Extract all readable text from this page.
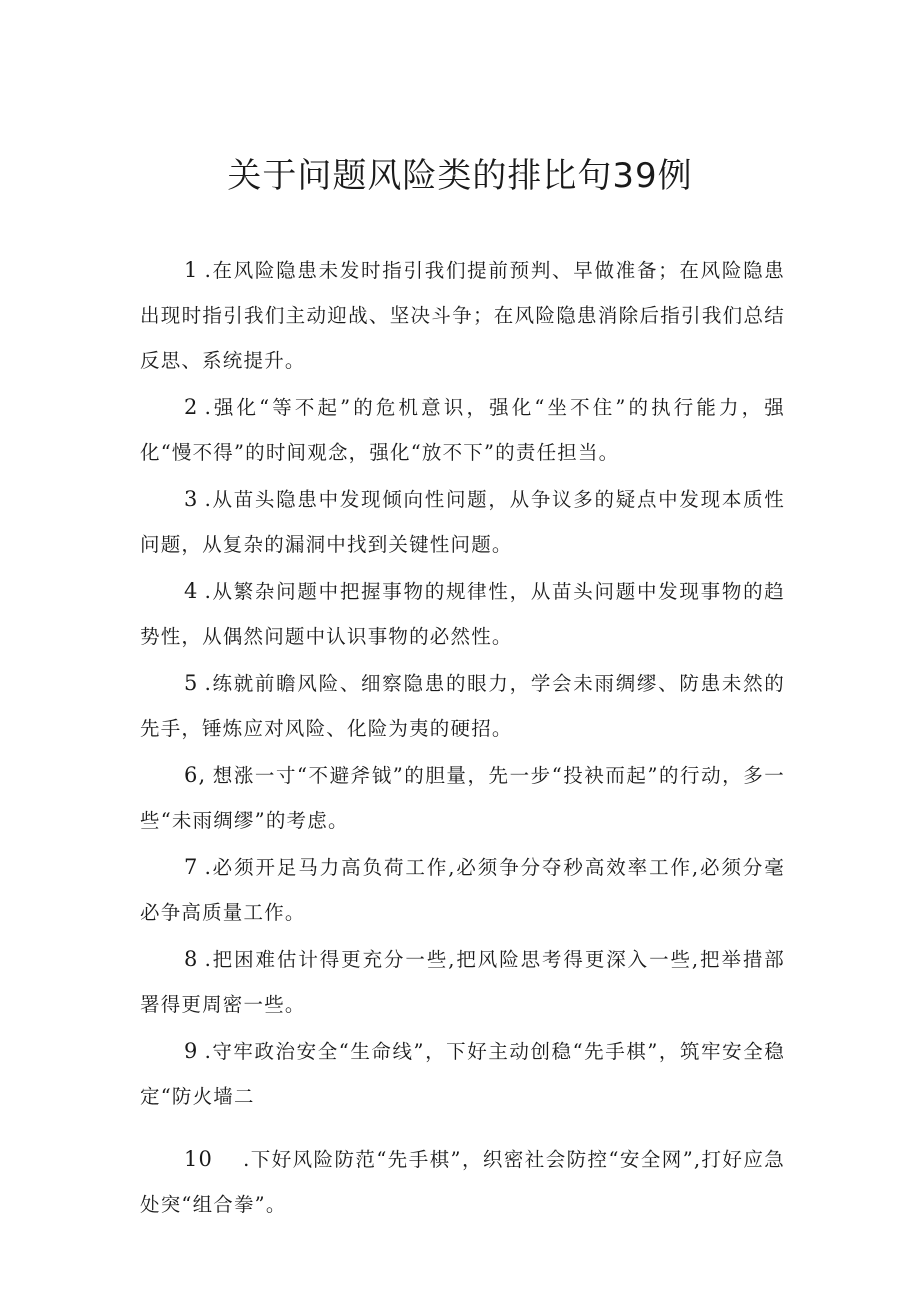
关于问题风险类的排比句39例

1 .在风险隐患未发时指引我们提前预判、早做准备；在风险隐患出现时指引我们主动迎战、坚决斗争；在风险隐患消除后指引我们总结反思、系统提升。

2 .强化“等不起”的危机意识，强化“坐不住”的执行能力，强化“慢不得”的时间观念，强化“放不下”的责任担当。

3 .从苗头隐患中发现倾向性问题，从争议多的疑点中发现本质性问题，从复杂的漏洞中找到关键性问题。

4 .从繁杂问题中把握事物的规律性，从苗头问题中发现事物的趋势性，从偶然问题中认识事物的必然性。

5 .练就前瞻风险、细察隐患的眼力，学会未雨绸缪、防患未然的先手，锤炼应对风险、化险为夷的硬招。

6, 想涨一寸“不避斧钺”的胆量，先一步“投袂而起”的行动，多一些“未雨绸缪”的考虑。

7 .必须开足马力高负荷工作,必须争分夺秒高效率工作,必须分毫必争高质量工作。

8 .把困难估计得更充分一些,把风险思考得更深入一些,把举措部署得更周密一些。

9 .守牢政治安全“生命线”，下好主动创稳“先手棋”，筑牢安全稳定“防火墙二

10 .下好风险防范“先手棋”，织密社会防控“安全网”,打好应急处突“组合拳”。
